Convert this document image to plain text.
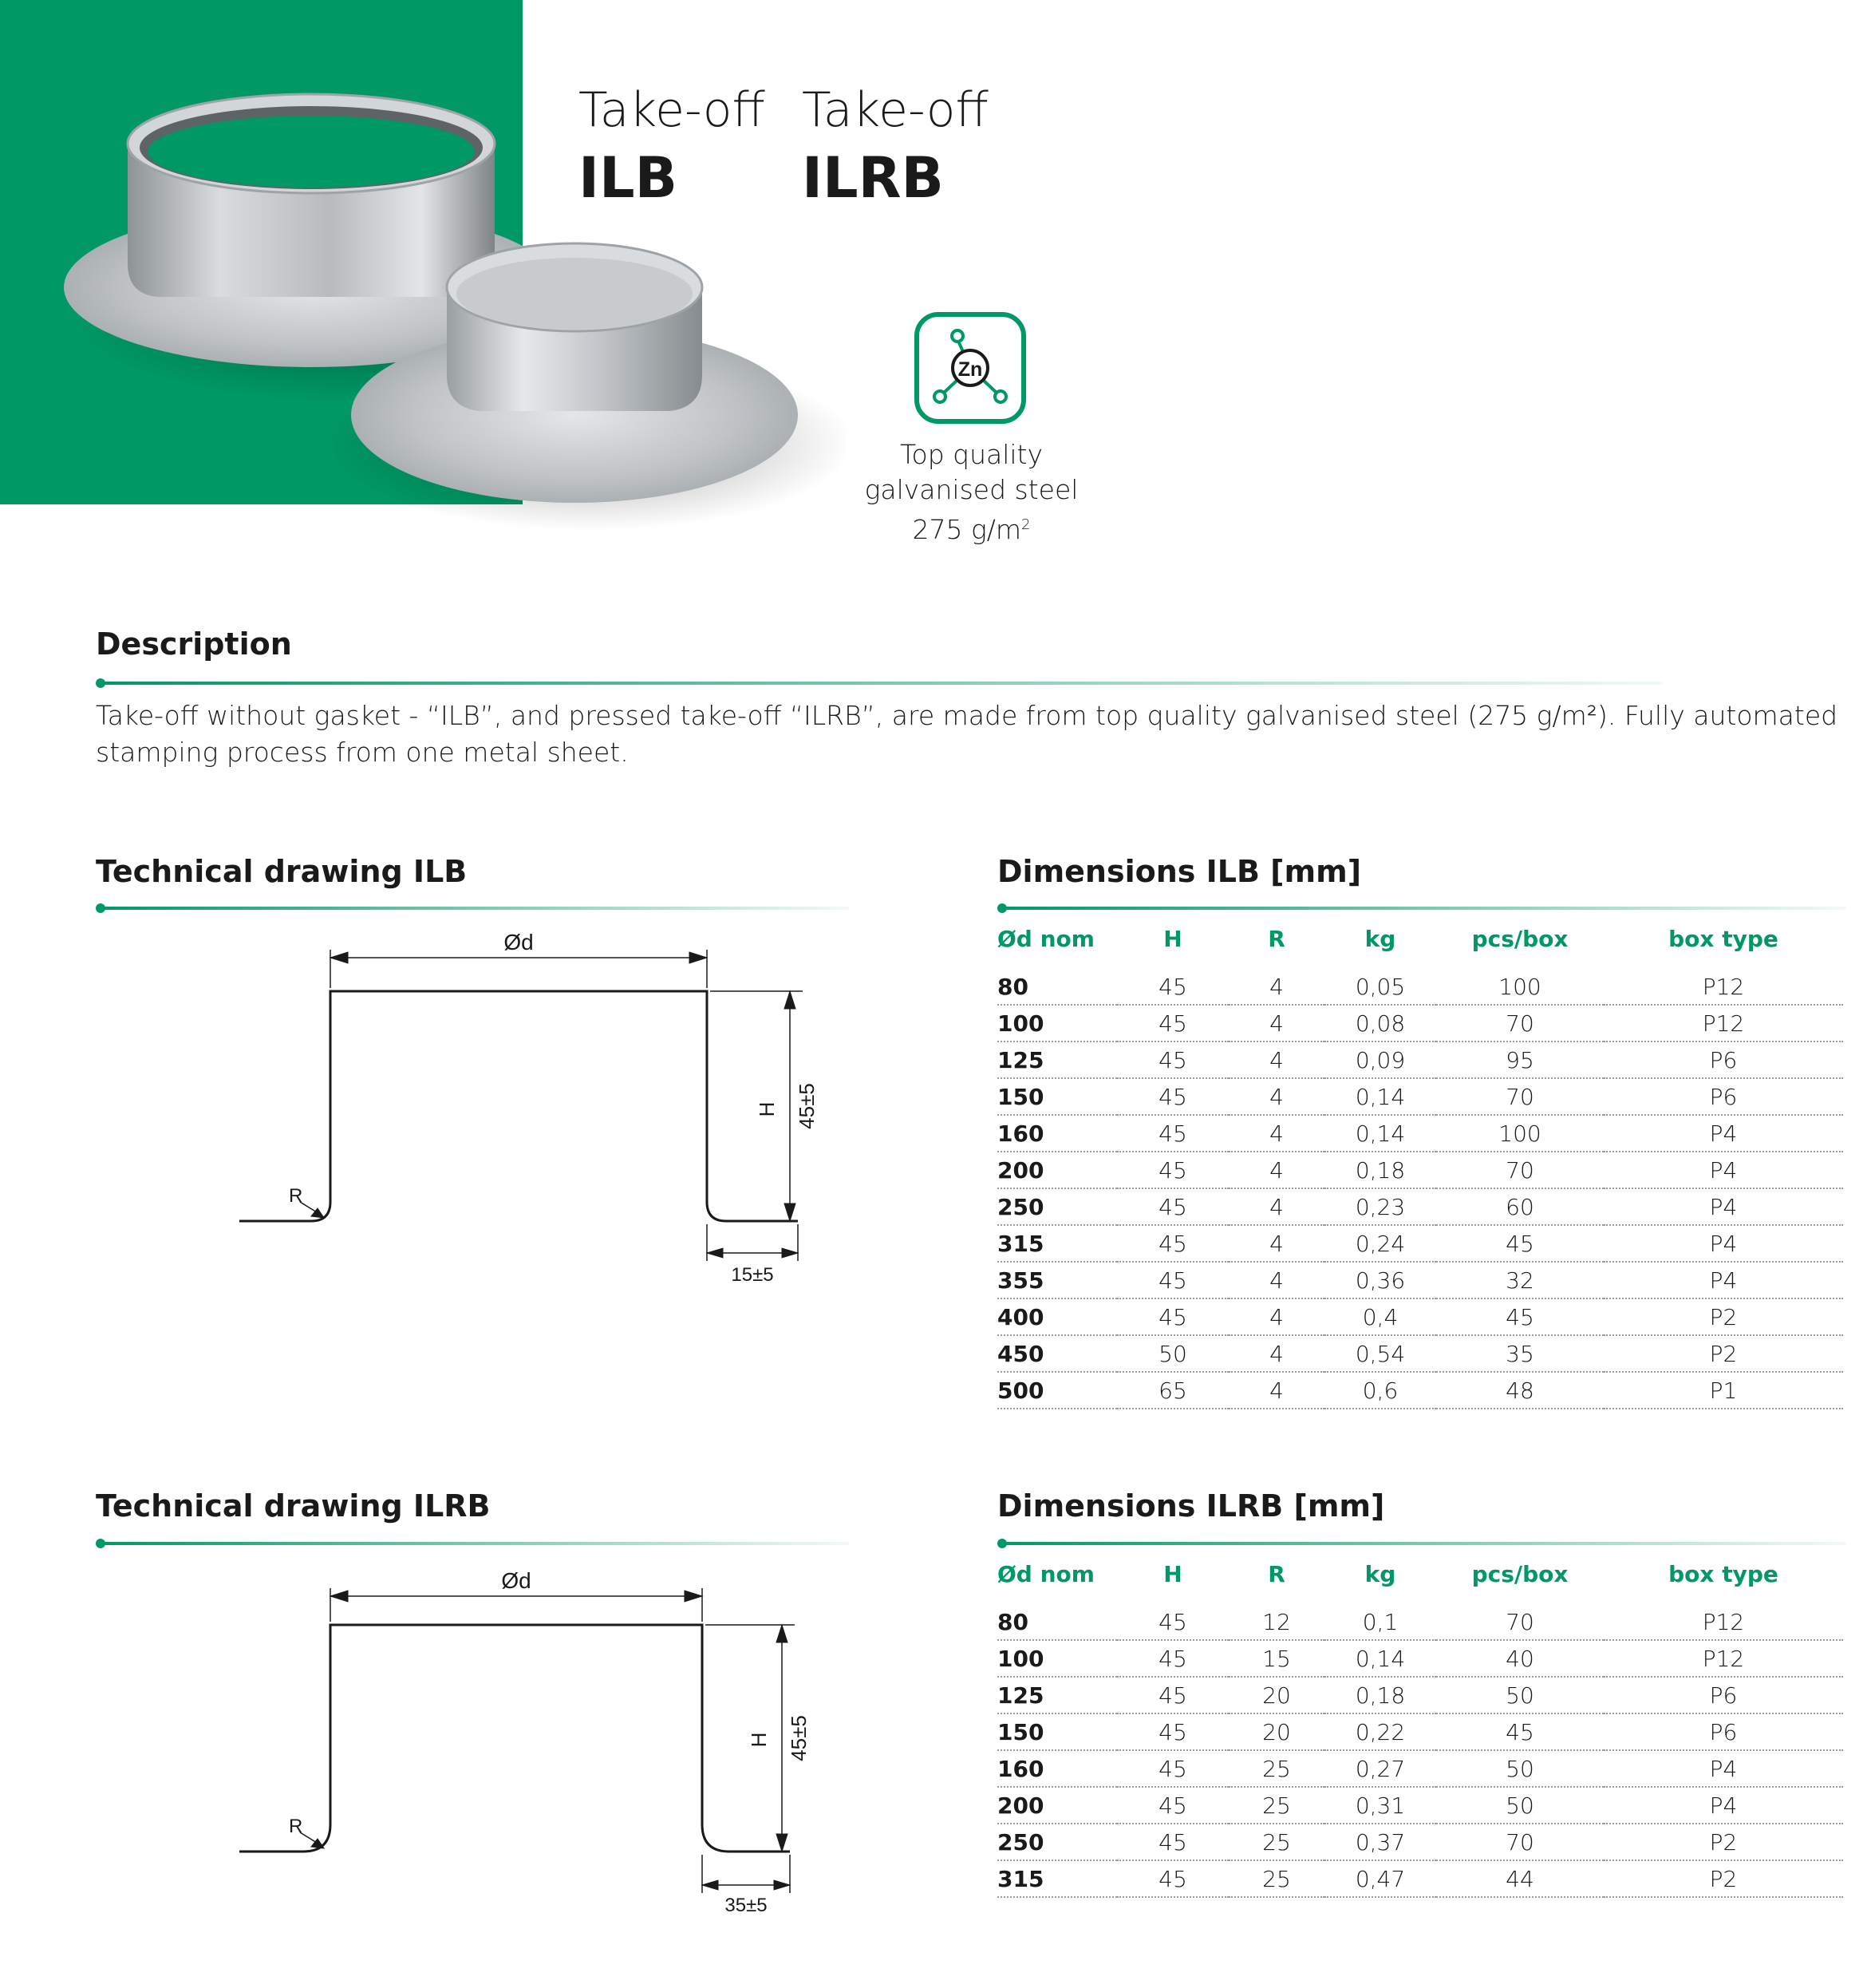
Take-off
ILB
Take-off
ILRB
Zn
Top quality
galvanised steel
275 $g/m^2$
Description
Take-off without gasket - “ILB”, and pressed take-off “ILRB”, are made from top quality galvanised steel (275 g/m²). Fully automated stamping process from one metal sheet.
Technical drawing ILB
Ød
H 45±5
R
15±5
Dimensions ILB [mm]
Ød nom	H	R	kg	pcs/box	box type

80	45	4	0,05	100	P12
100	45	4	0,08	70	P12
125	45	4	0,09	95	P6
150	45	4	0,14	70	P6
160	45	4	0,14	100	P4
200	45	4	0,18	70	P4
250	45	4	0,23	60	P4
315	45	4	0,24	45	P4
355	45	4	0,36	32	P4
400	45	4	0,4	45	P2
450	50	4	0,54	35	P2
500	65	4	0,6	48	P1
Technical drawing ILRB
Ød
H 45±5
R
35±5
Dimensions ILRB [mm]
Ød nom	H	R	kg	pcs/box	box type

80	45	12	0,1	70	P12
100	45	15	0,14	40	P12
125	45	20	0,18	50	P6
150	45	20	0,22	45	P6
160	45	25	0,27	50	P4
200	45	25	0,31	50	P4
250	45	25	0,37	70	P2
315	45	25	0,47	44	P2
